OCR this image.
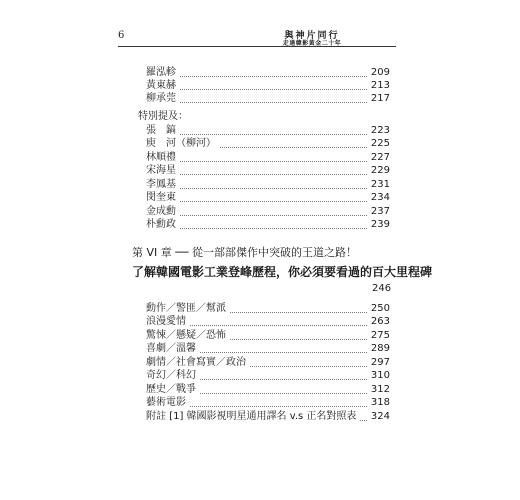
6	與神片同行
走過韓影黃金二十年
羅泓軫	209
黃東赫	213
柳承莞	217
特別提及：
張　鎬	223
庾　河（柳河）	225
林順禮	227
宋海星	229
李鳳基	231
閔奎東	234
金成勳	237
朴勳政	239
第 VI 章 ── 從一部部傑作中突破的王道之路！
了解韓國電影工業登峰歷程，你必須要看過的百大里程碑
246
動作／警匪／幫派	250
浪漫愛情	263
驚悚／懸疑／恐怖	275
喜劇／溫馨	289
劇情／社會寫實／政治	297
奇幻／科幻	310
歷史／戰爭	312
藝術電影	318
附註 [1] 韓國影視明星通用譯名 v.s 正名對照表 324
